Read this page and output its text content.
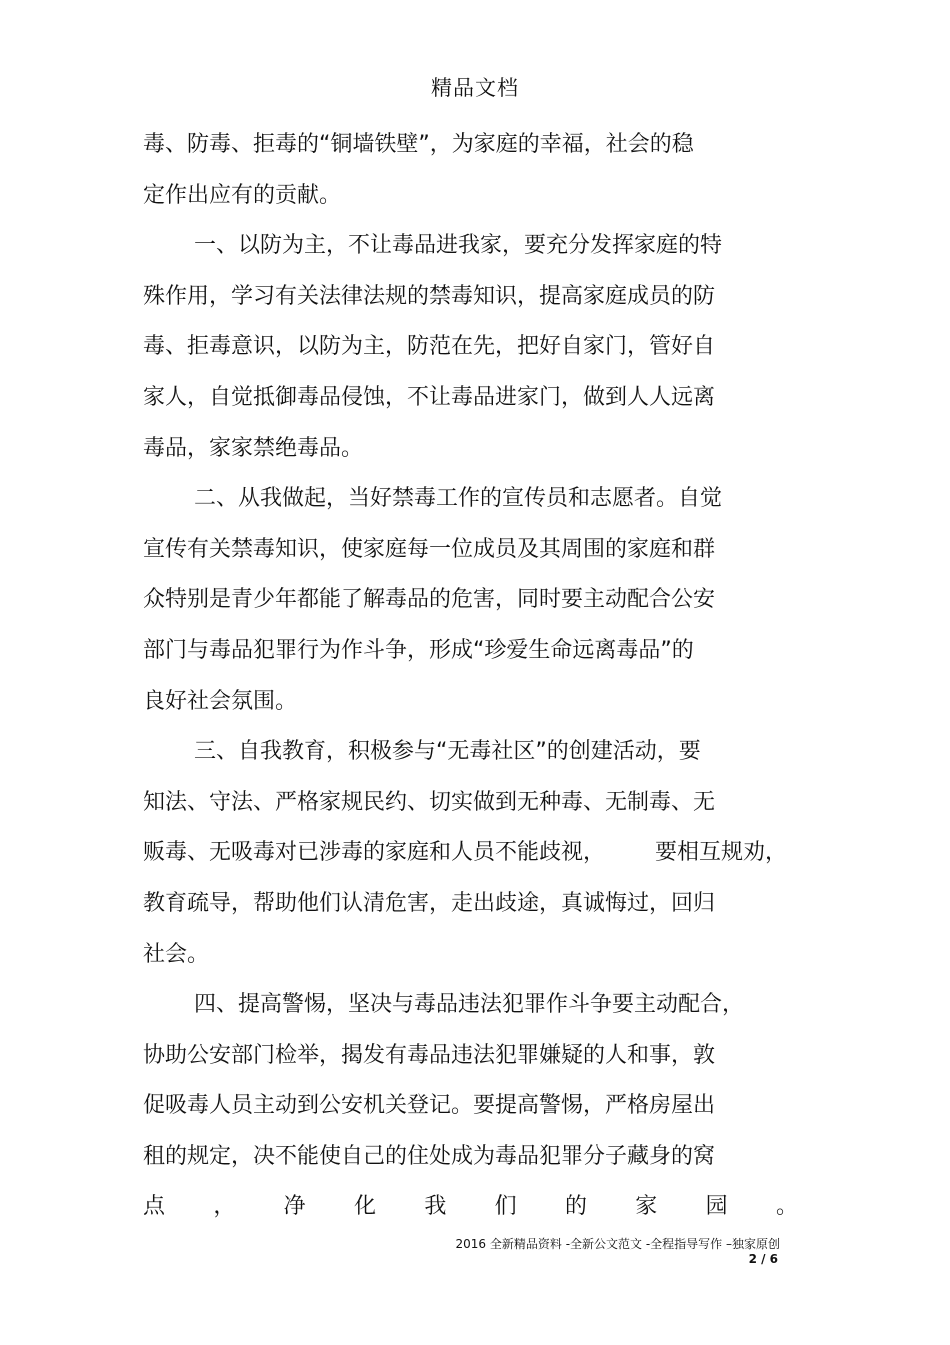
精品文档
毒、防毒、拒毒的“铜墙铁壁”，为家庭的幸福，社会的稳
定作出应有的贡献。
一、以防为主，不让毒品进我家，要充分发挥家庭的特
殊作用，学习有关法律法规的禁毒知识，提高家庭成员的防
毒、拒毒意识，以防为主，防范在先，把好自家门，管好自
家人，自觉抵御毒品侵蚀，不让毒品进家门，做到人人远离
毒品，家家禁绝毒品。
二、从我做起，当好禁毒工作的宣传员和志愿者。自觉
宣传有关禁毒知识，使家庭每一位成员及其周围的家庭和群
众特别是青少年都能了解毒品的危害，同时要主动配合公安
部门与毒品犯罪行为作斗争，形成“珍爱生命远离毒品”的
良好社会氛围。
三、自我教育，积极参与“无毒社区”的创建活动，要
知法、守法、严格家规民约、切实做到无种毒、无制毒、无
贩毒、无吸毒对已涉毒的家庭和人员不能歧视， 要相互规劝，
教育疏导，帮助他们认清危害，走出歧途，真诚悔过，回归
社会。
四、提高警惕，坚决与毒品违法犯罪作斗争要主动配合，
协助公安部门检举，揭发有毒品违法犯罪嫌疑的人和事，敦
促吸毒人员主动到公安机关登记。要提高警惕，严格房屋出
租的规定，决不能使自己的住处成为毒品犯罪分子藏身的窝
点 ， 净 化 我 们 的 家 园 。
2016 全新精品资料 -全新公文范文 -全程指导写作 –独家原创
2 / 6
